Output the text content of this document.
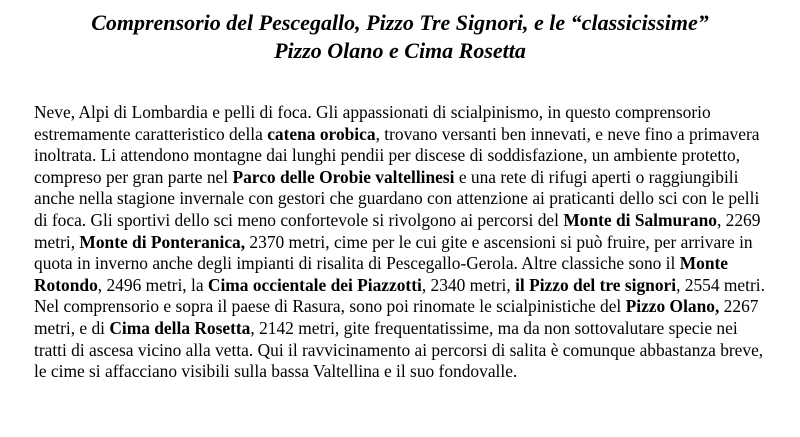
Comprensorio del Pescegallo, Pizzo Tre Signori, e le “classicissime”
Pizzo Olano e Cima Rosetta

Neve, Alpi di Lombardia e pelli di foca. Gli appassionati di scialpinismo, in questo comprensorio estremamente caratteristico della catena orobica, trovano versanti ben innevati, e neve fino a primavera inoltrata. Li attendono montagne dai lunghi pendii per discese di soddisfazione, un ambiente protetto, compreso per gran parte nel Parco delle Orobie valtellinesi e una rete di rifugi aperti o raggiungibili anche nella stagione invernale con gestori che guardano con attenzione ai praticanti dello sci con le pelli di foca. Gli sportivi dello sci meno confortevole si rivolgono ai percorsi del Monte di Salmurano, 2269 metri, Monte di Ponteranica, 2370 metri, cime per le cui gite e ascensioni si può fruire, per arrivare in quota in inverno anche degli impianti di risalita di Pescegallo-Gerola. Altre classiche sono il Monte Rotondo, 2496 metri, la Cima occientale dei Piazzotti, 2340 metri, il Pizzo del tre signori, 2554 metri.

Nel comprensorio e sopra il paese di Rasura, sono poi rinomate le scialpinistiche del Pizzo Olano, 2267 metri, e di Cima della Rosetta, 2142 metri, gite frequentatissime, ma da non sottovalutare specie nei tratti di ascesa vicino alla vetta. Qui il ravvicinamento ai percorsi di salita è comunque abbastanza breve, le cime si affacciano visibili sulla bassa Valtellina e il suo fondovalle.
